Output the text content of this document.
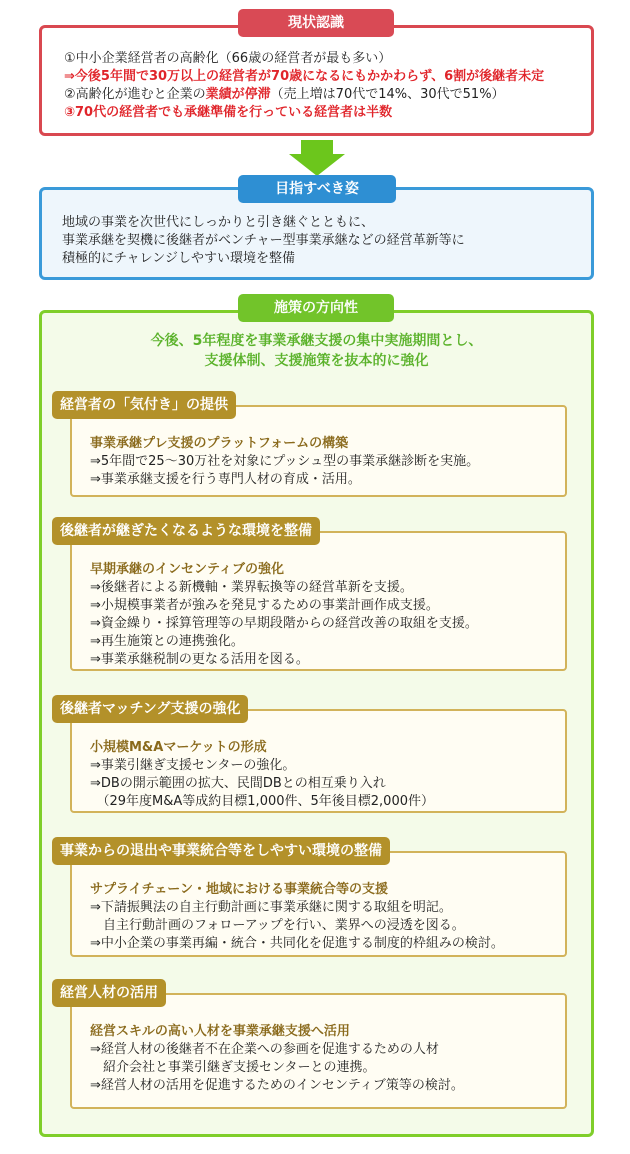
①中小企業経営者の高齢化（66歳の経営者が最も多い）
⇒今後5年間で30万以上の経営者が70歳になるにもかかわらず、6割が後継者未定
②高齢化が進むと企業の業績が停滞（売上増は70代で14%、30代で51%）
③70代の経営者でも承継準備を行っている経営者は半数
現状認識
地域の事業を次世代にしっかりと引き継ぐとともに、
事業承継を契機に後継者がベンチャー型事業承継などの経営革新等に
積極的にチャレンジしやすい環境を整備
目指すべき姿
今後、5年程度を事業承継支援の集中実施期間とし、
支援体制、支援施策を抜本的に強化
事業承継プレ支援のプラットフォームの構築
⇒5年間で25〜30万社を対象にプッシュ型の事業承継診断を実施。
⇒事業承継支援を行う専門人材の育成・活用。
経営者の「気付き」の提供
早期承継のインセンティブの強化
⇒後継者による新機軸・業界転換等の経営革新を支援。
⇒小規模事業者が強みを発見するための事業計画作成支援。
⇒資金繰り・採算管理等の早期段階からの経営改善の取組を支援。
⇒再生施策との連携強化。
⇒事業承継税制の更なる活用を図る。
後継者が継ぎたくなるような環境を整備
小規模M&Aマーケットの形成
⇒事業引継ぎ支援センターの強化。
⇒DBの開示範囲の拡大、民間DBとの相互乗り入れ
　（29年度M&A等成約目標1,000件、5年後目標2,000件）
後継者マッチング支援の強化
サプライチェーン・地域における事業統合等の支援
⇒下請振興法の自主行動計画に事業承継に関する取組を明記。
　自主行動計画のフォローアップを行い、業界への浸透を図る。
⇒中小企業の事業再編・統合・共同化を促進する制度的枠組みの検討。
事業からの退出や事業統合等をしやすい環境の整備
経営スキルの高い人材を事業承継支援へ活用
⇒経営人材の後継者不在企業への参画を促進するための人材
　紹介会社と事業引継ぎ支援センターとの連携。
⇒経営人材の活用を促進するためのインセンティブ策等の検討。
経営人材の活用
施策の方向性
